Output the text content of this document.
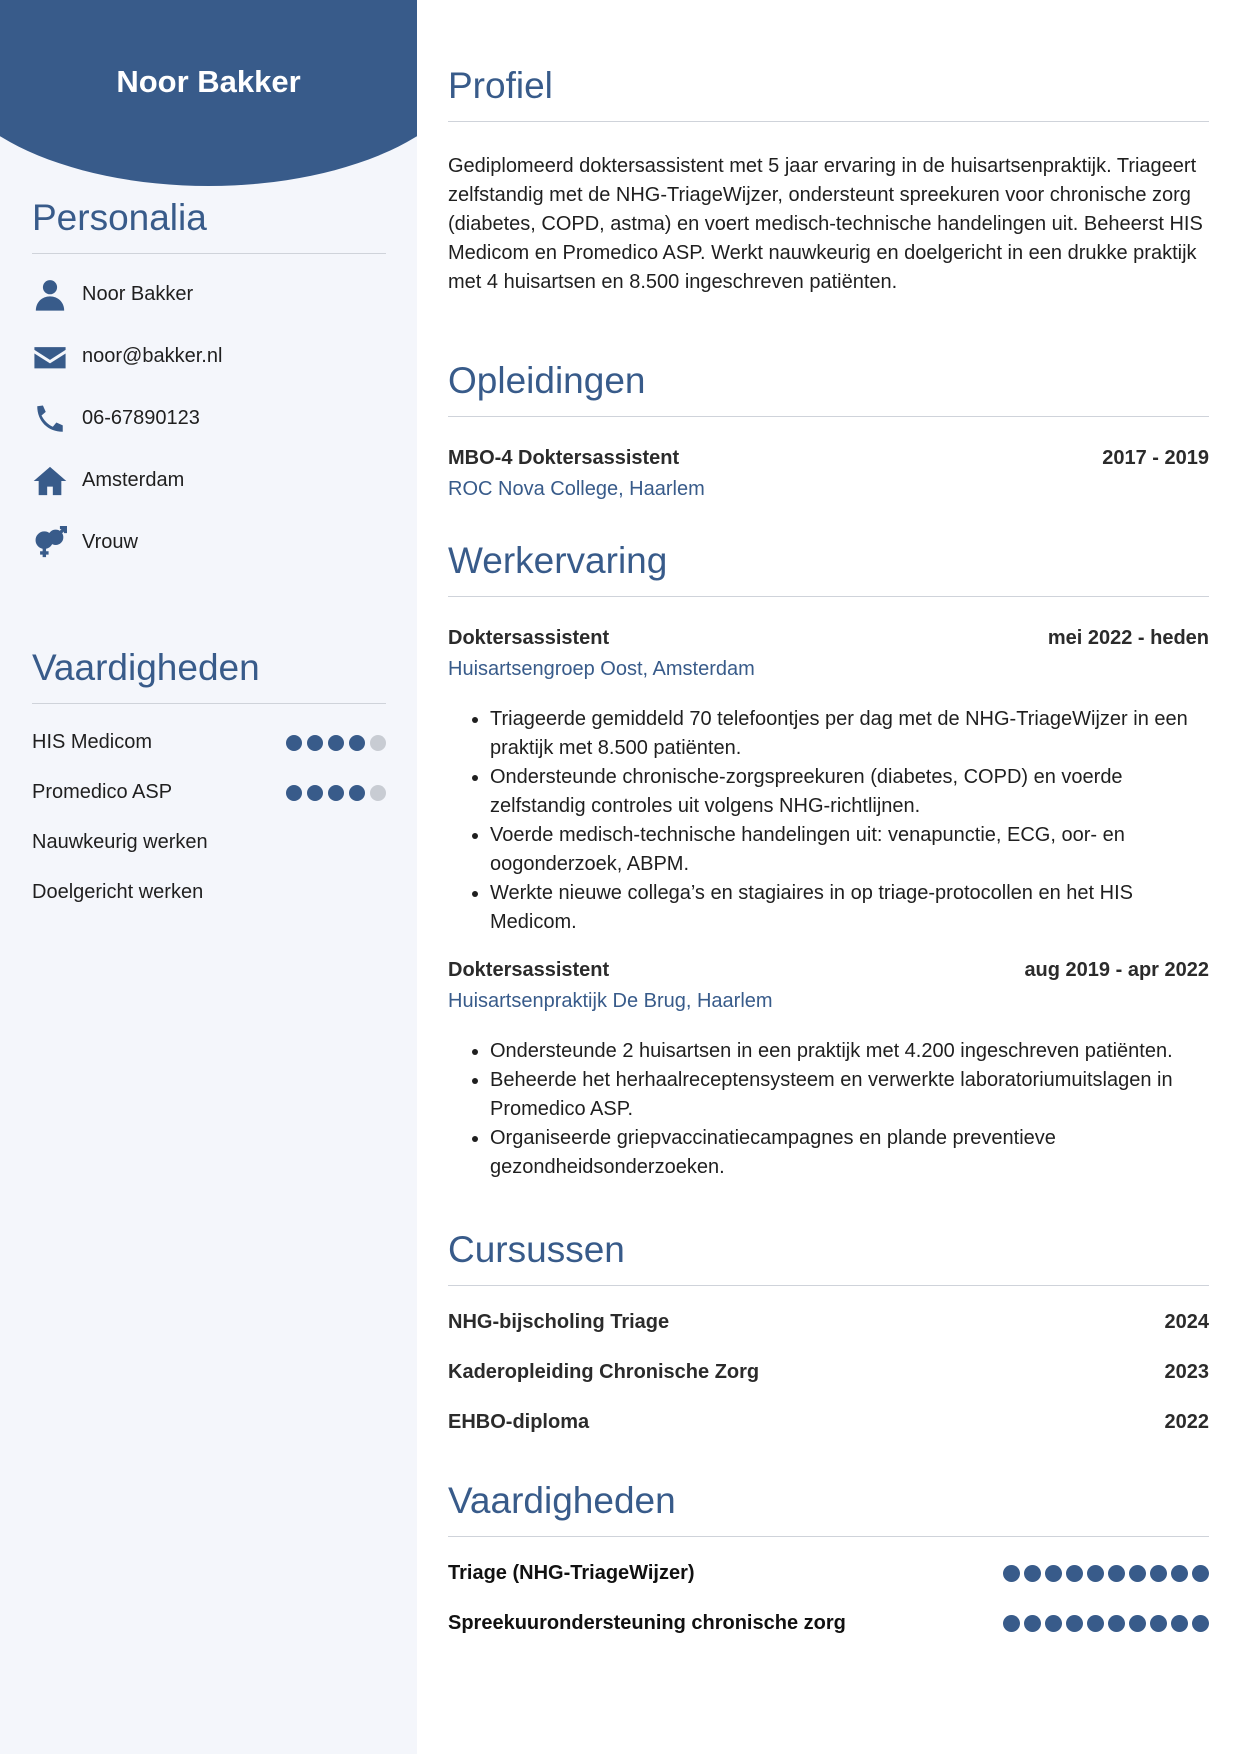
Noor Bakker
Personalia
Noor Bakker
noor@bakker.nl
06-67890123
Amsterdam
Vrouw
Vaardigheden
HIS Medicom
Promedico ASP
Nauwkeurig werken
Doelgericht werken
Profiel

Gediplomeerd doktersassistent met 5 jaar ervaring in de huisartsenpraktijk. Triageert zelfstandig met de NHG-TriageWijzer, ondersteunt spreekuren voor chronische zorg (diabetes, COPD, astma) en voert medisch-technische handelingen uit. Beheerst HIS Medicom en Promedico ASP. Werkt nauwkeurig en doelgericht in een drukke praktijk met 4 huisartsen en 8.500 ingeschreven patiënten.

Opleidingen
MBO-4 Doktersassistent	2017 - 2019
ROC Nova College, Haarlem
Werkervaring
Doktersassistent	mei 2022 - heden
Huisartsengroep Oost, Amsterdam
• Triageerde gemiddeld 70 telefoontjes per dag met de NHG-TriageWijzer in een praktijk met 8.500 patiënten.
• Ondersteunde chronische-zorgspreekuren (diabetes, COPD) en voerde zelfstandig controles uit volgens NHG-richtlijnen.
• Voerde medisch-technische handelingen uit: venapunctie, ECG, oor- en oogonderzoek, ABPM.
• Werkte nieuwe collega’s en stagiaires in op triage-protocollen en het HIS Medicom.
Doktersassistent	aug 2019 - apr 2022
Huisartsenpraktijk De Brug, Haarlem
• Ondersteunde 2 huisartsen in een praktijk met 4.200 ingeschreven patiënten.
• Beheerde het herhaalreceptensysteem en verwerkte laboratoriumuitslagen in Promedico ASP.
• Organiseerde griepvaccinatiecampagnes en plande preventieve gezondheidsonderzoeken.
Cursussen
NHG-bijscholing Triage	2024
Kaderopleiding Chronische Zorg	2023
EHBO-diploma	2022
Vaardigheden
Triage (NHG-TriageWijzer)
Spreekuurondersteuning chronische zorg
